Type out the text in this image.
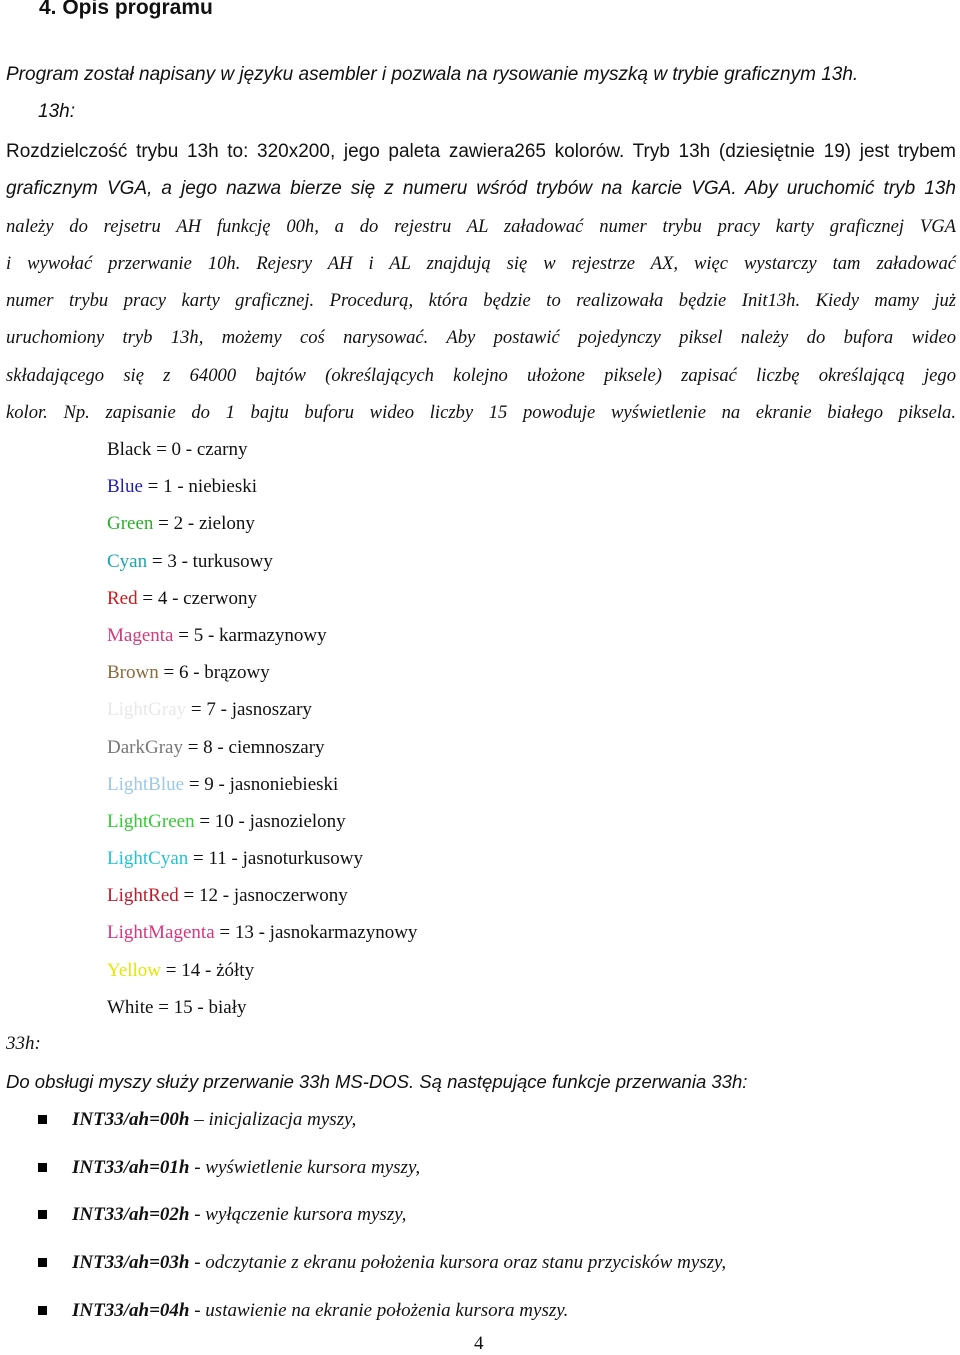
4. Opis programu
Program został napisany w języku asembler i pozwala na rysowanie myszką w trybie graficznym 13h.
13h:
Rozdzielczość trybu 13h to: 320x200, jego paleta zawiera265 kolorów. Tryb 13h (dziesiętnie 19) jest trybem
graficznym VGA, a jego nazwa bierze się z numeru wśród trybów na karcie VGA. Aby uruchomić tryb 13h
należy do rejsetru AH funkcję 00h, a do rejestru AL załadować numer trybu pracy karty graficznej VGA
i wywołać przerwanie 10h. Rejesry AH i AL znajdują się w rejestrze AX, więc wystarczy tam załadować
numer trybu pracy karty graficznej. Procedurą, która będzie to realizowała będzie Init13h. Kiedy mamy już
uruchomiony tryb 13h, możemy coś narysować. Aby postawić pojedynczy piksel należy do bufora wideo
składającego się z 64000 bajtów (określających kolejno ułożone piksele) zapisać liczbę określającą jego
kolor. Np. zapisanie do 1 bajtu buforu wideo liczby 15 powoduje wyświetlenie na ekranie białego piksela.
Black = 0 - czarny
Blue = 1 - niebieski
Green = 2 - zielony
Cyan = 3 - turkusowy
Red = 4 - czerwony
Magenta = 5 - karmazynowy
Brown = 6 - brązowy
LightGray = 7 - jasnoszary
DarkGray = 8 - ciemnoszary
LightBlue = 9 - jasnoniebieski
LightGreen = 10 - jasnozielony
LightCyan = 11 - jasnoturkusowy
LightRed = 12 - jasnoczerwony
LightMagenta = 13 - jasnokarmazynowy
Yellow = 14 - żółty
White = 15 - biały
33h:
Do obsługi myszy służy przerwanie 33h MS-DOS. Są następujące funkcje przerwania 33h:
INT33/ah=00h – inicjalizacja myszy,
INT33/ah=01h - wyświetlenie kursora myszy,
INT33/ah=02h - wyłączenie kursora myszy,
INT33/ah=03h - odczytanie z ekranu położenia kursora oraz stanu przycisków myszy,
INT33/ah=04h - ustawienie na ekranie położenia kursora myszy.
4
